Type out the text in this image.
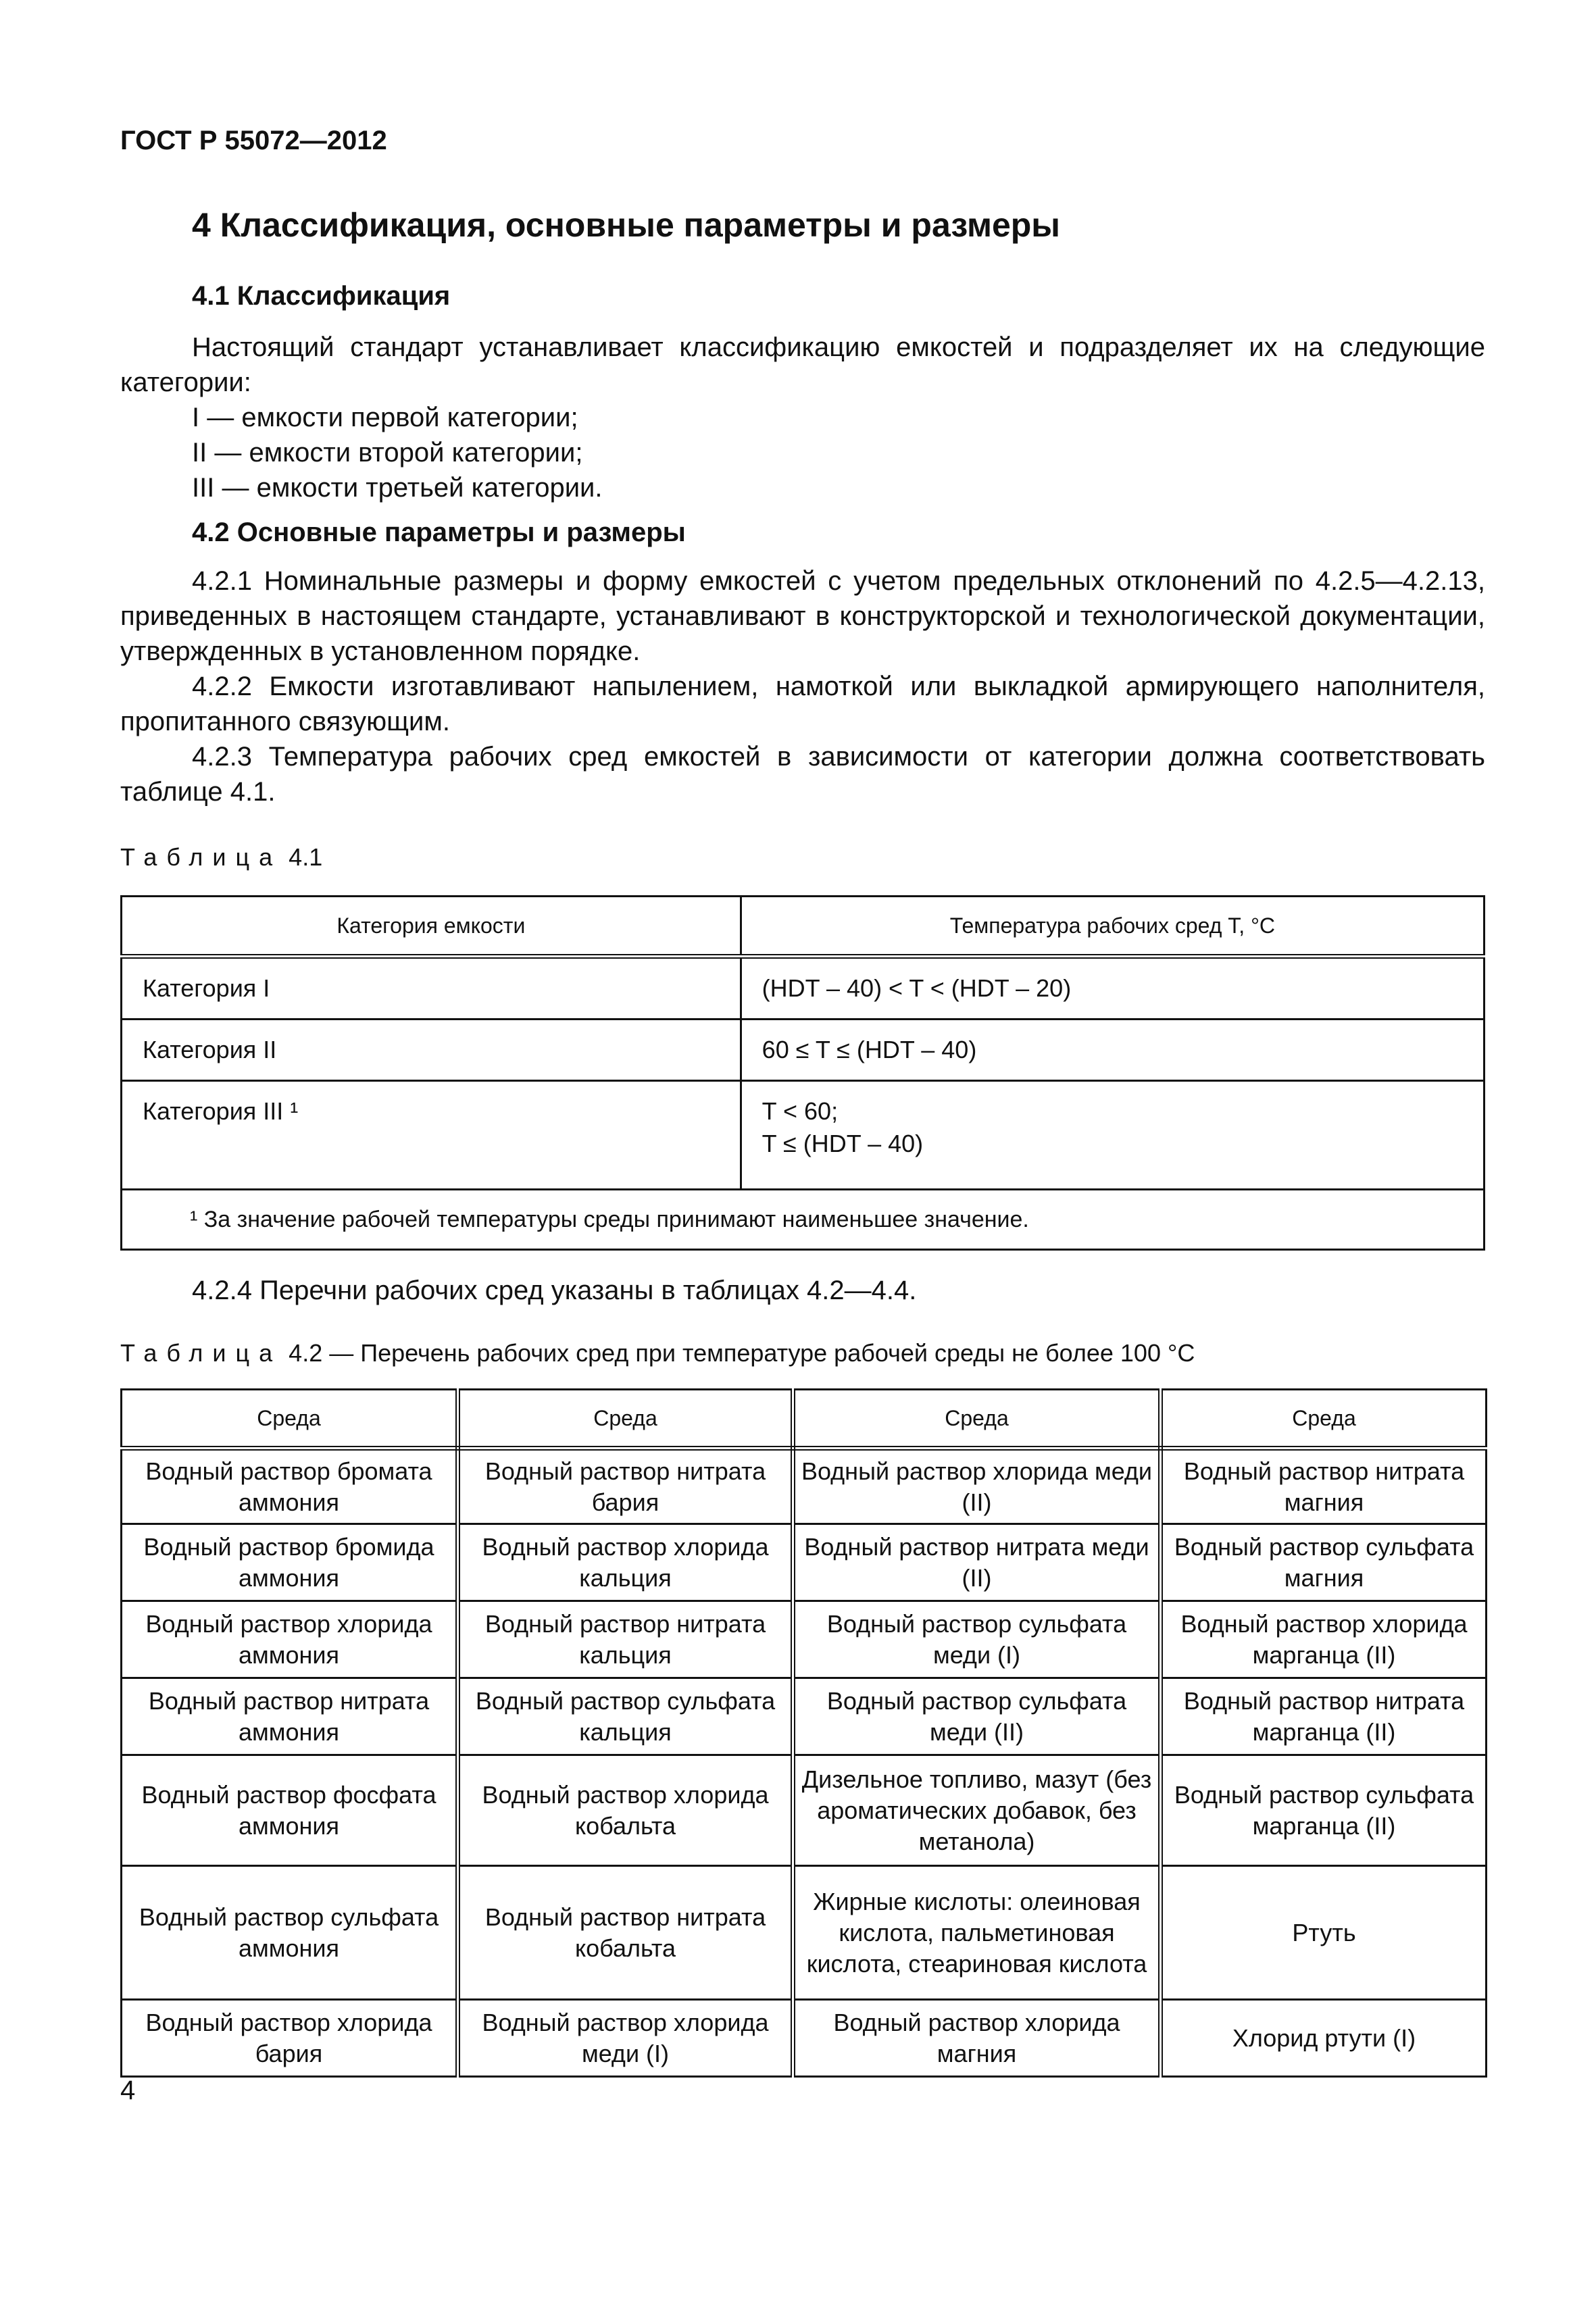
ГОСТ Р 55072—2012
4 Классификация, основные параметры и размеры
4.1 Классификация
Настоящий стандарт устанавливает классификацию емкостей и подразделяет их на следующие категории:
I — емкости первой категории;
II — емкости второй категории;
III — емкости третьей категории.
4.2 Основные параметры и размеры
4.2.1 Номинальные размеры и форму емкостей с учетом предельных отклонений по 4.2.5—4.2.13, приведенных в настоящем стандарте, устанавливают в конструкторской и технологической документации, утвержденных в установленном порядке.
4.2.2 Емкости изготавливают напылением, намоткой или выкладкой армирующего наполнителя, пропитанного связующим.
4.2.3 Температура рабочих сред емкостей в зависимости от категории должна соответствовать таблице 4.1.
Таблица 4.1
Категория емкости	Температура рабочих сред T, °C
Категория I	(HDT – 40) < T < (HDT – 20)
Категория II	60 ≤ T ≤ (HDT – 40)
Категория III ¹	T < 60;
T ≤ (HDT – 40)

¹ За значение рабочей температуры среды принимают наименьшее значение.	
4.2.4 Перечни рабочих сред указаны в таблицах 4.2—4.4.
Таблица 4.2 — Перечень рабочих сред при температуре рабочей среды не более 100 °C
Среда	Среда	Среда	Среда
Водный раствор бромата аммония	Водный раствор нитрата бария	Водный раствор хлорида меди (II)	Водный раствор нитрата магния
Водный раствор бромида аммония	Водный раствор хлорида кальция	Водный раствор нитрата меди (II)	Водный раствор сульфата магния
Водный раствор хлорида аммония	Водный раствор нитрата кальция	Водный раствор сульфата меди (I)	Водный раствор хлорида марганца (II)
Водный раствор нитрата аммония	Водный раствор сульфата кальция	Водный раствор сульфата меди (II)	Водный раствор нитрата марганца (II)
Водный раствор фосфата аммония	Водный раствор хлорида кобальта	Дизельное топливо, мазут (без ароматических добавок, без метанола)	Водный раствор сульфата марганца (II)
Водный раствор сульфата аммония	Водный раствор нитрата кобальта	Жирные кислоты: олеиновая кислота, пальметиновая кислота, стеариновая кислота	Ртуть
Водный раствор хлорида бария	Водный раствор хлорида меди (I)	Водный раствор хлорида магния	Хлорид ртути (I)
4
